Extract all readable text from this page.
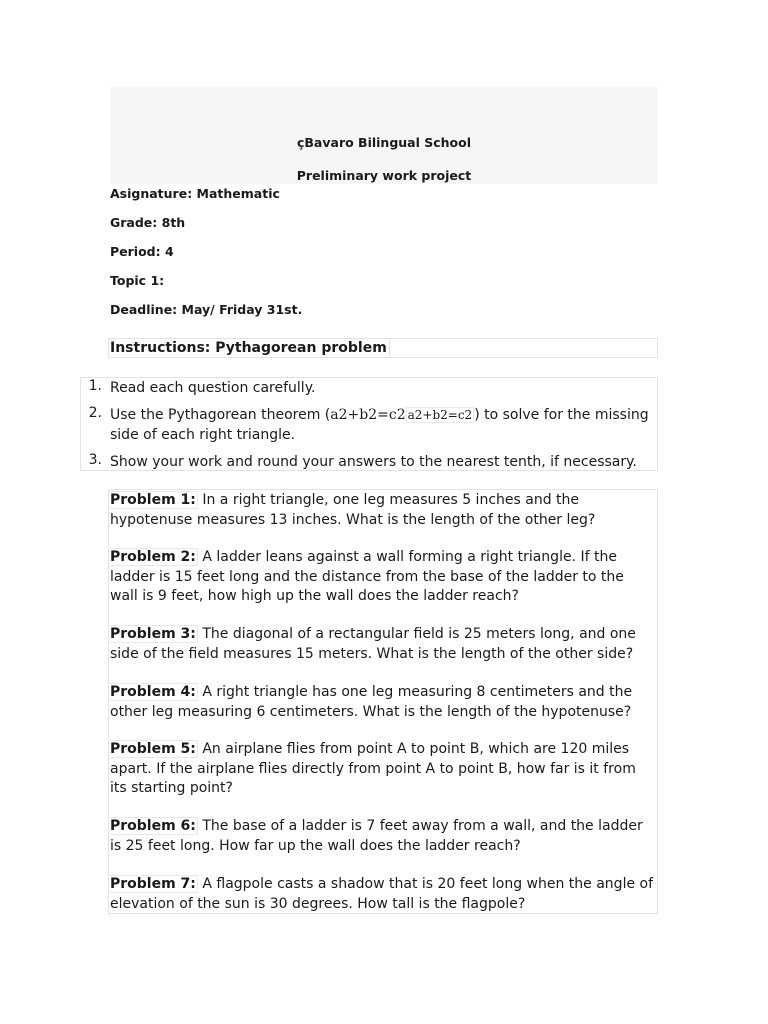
çBavaro Bilingual School
Preliminary work project
Asignature: Mathematic
Grade: 8th
Period: 4
Topic 1:
Deadline: May/ Friday 31st.
Instructions: Pythagorean problem
1. Read each question carefully.
2. Use the Pythagorean theorem (a2+b2=c2 a2+b2=c2 ) to solve for the missing side of each right triangle.
3. Show your work and round your answers to the nearest tenth, if necessary.
Problem 1: In a right triangle, one leg measures 5 inches and the hypotenuse measures 13 inches. What is the length of the other leg?
Problem 2: A ladder leans against a wall forming a right triangle. If the ladder is 15 feet long and the distance from the base of the ladder to the wall is 9 feet, how high up the wall does the ladder reach?
Problem 3: The diagonal of a rectangular field is 25 meters long, and one side of the field measures 15 meters. What is the length of the other side?
Problem 4: A right triangle has one leg measuring 8 centimeters and the other leg measuring 6 centimeters. What is the length of the hypotenuse?
Problem 5: An airplane flies from point A to point B, which are 120 miles apart. If the airplane flies directly from point A to point B, how far is it from its starting point?
Problem 6: The base of a ladder is 7 feet away from a wall, and the ladder is 25 feet long. How far up the wall does the ladder reach?
Problem 7: A flagpole casts a shadow that is 20 feet long when the angle of elevation of the sun is 30 degrees. How tall is the flagpole?
